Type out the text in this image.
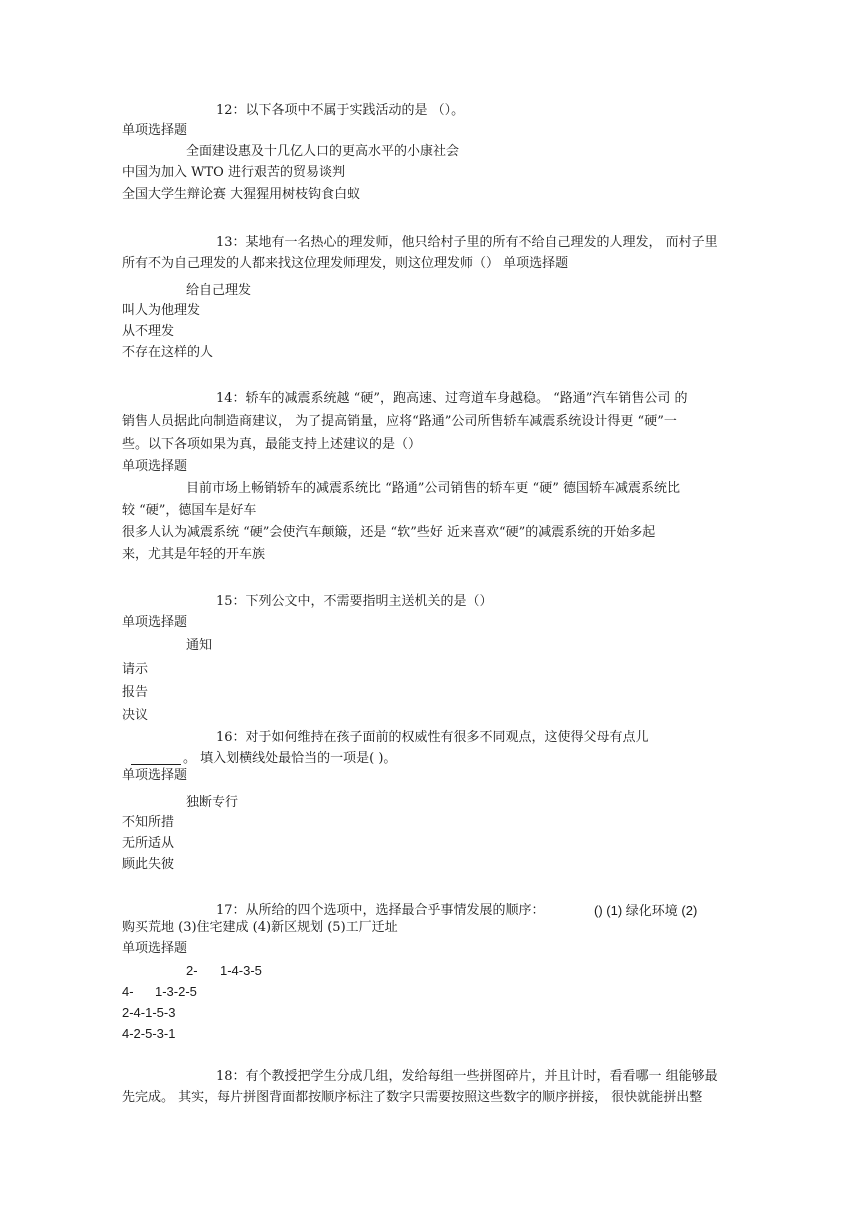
12：以下各项中不属于实践活动的是 （）。
单项选择题
全面建设惠及十几亿人口的更高水平的小康社会
中国为加入 WTO 进行艰苦的贸易谈判
全国大学生辩论赛 大猩猩用树枝钩食白蚁
13：某地有一名热心的理发师，他只给村子里的所有不给自己理发的人理发， 而村子里
所有不为自己理发的人都来找这位理发师理发，则这位理发师（） 单项选择题
给自己理发
叫人为他理发
从不理发
不存在这样的人
14：轿车的减震系统越 “硬”，跑高速、过弯道车身越稳。 “路通”汽车销售公司 的
销售人员据此向制造商建议， 为了提高销量，应将“路通”公司所售轿车减震系统设计得更 “硬”一
些。以下各项如果为真，最能支持上述建议的是（）
单项选择题
目前市场上畅销轿车的减震系统比 “路通”公司销售的轿车更 “硬” 德国轿车减震系统比
较 “硬”，德国车是好车
很多人认为减震系统 “硬”会使汽车颠簸，还是 “软”些好 近来喜欢“硬”的减震系统的开始多起
来，尤其是年轻的开车族
15：下列公文中，不需要指明主送机关的是（）
单项选择题
通知
请示
报告
决议
16：对于如何维持在孩子面前的权威性有很多不同观点，这使得父母有点儿
。 填入划横线处最恰当的一项是( )。
单项选择题
独断专行
不知所措
无所适从
顾此失彼
17：从所给的四个选项中，选择最合乎事情发展的顺序：	() (1) 绿化环境 (2)
购买荒地 (3)住宅建成 (4)新区规划 (5)工厂迁址
单项选择题
2- 1-4-3-5
4- 1-3-2-5
2-4-1-5-3
4-2-5-3-1
18：有个教授把学生分成几组，发给每组一些拼图碎片，并且计时，看看哪一 组能够最
先完成。 其实，每片拼图背面都按顺序标注了数字只需要按照这些数字的顺序拼接， 很快就能拼出整
